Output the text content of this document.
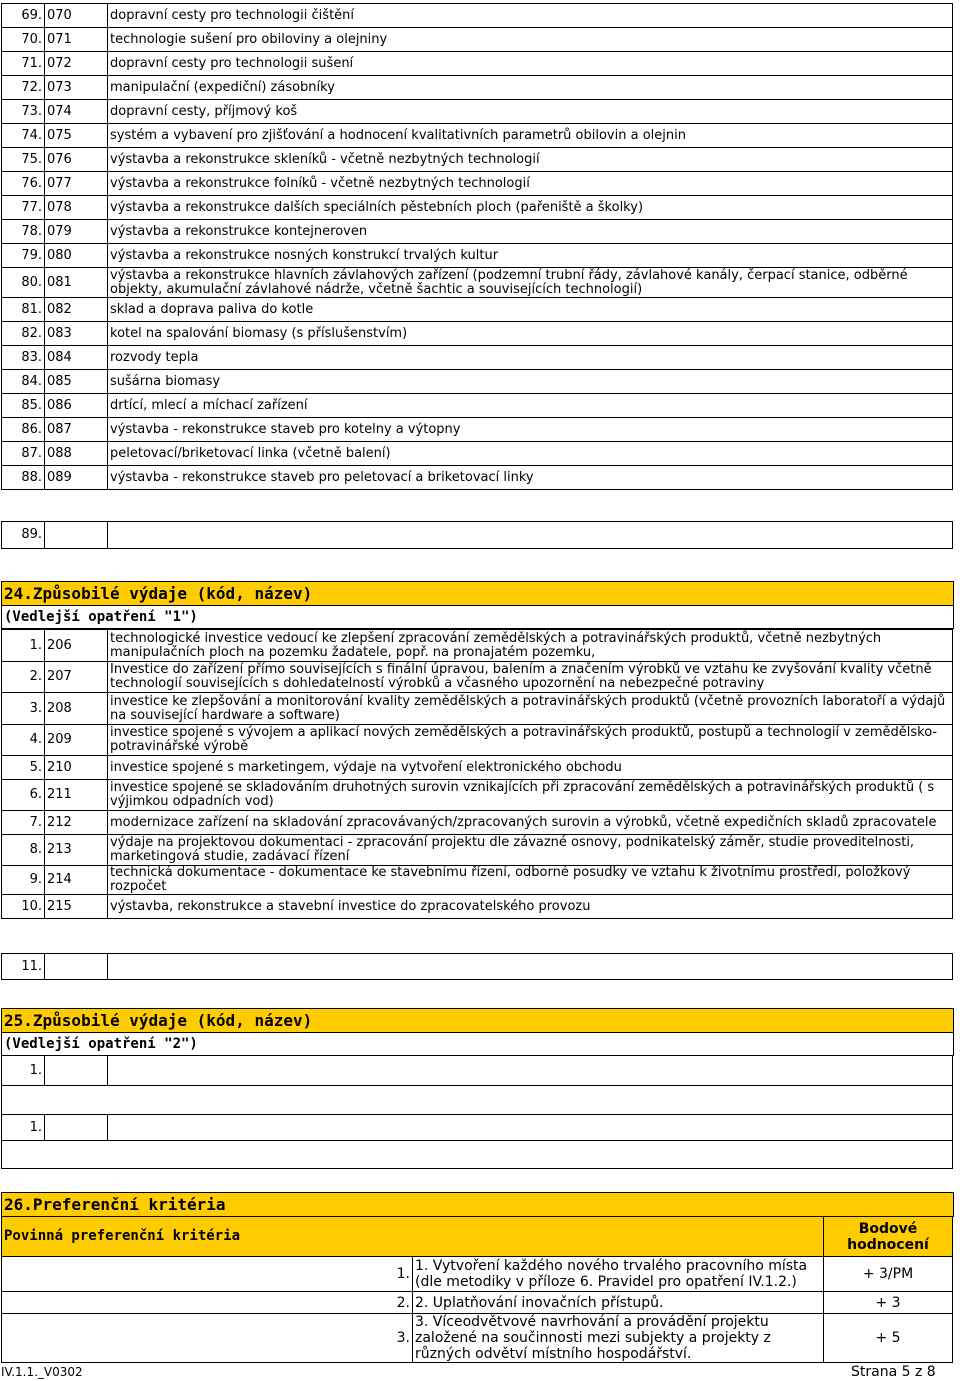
69.	070	dopravní cesty pro technologii čištění
70.	071	technologie sušení pro obiloviny a olejniny
71.	072	dopravní cesty pro technologii sušení
72.	073	manipulační (expediční) zásobníky
73.	074	dopravní cesty, příjmový koš
74.	075	systém a vybavení pro zjišťování a hodnocení kvalitativních parametrů obilovin a olejnin
75.	076	výstavba a rekonstrukce skleníků - včetně nezbytných technologií
76.	077	výstavba a rekonstrukce folníků - včetně nezbytných technologií
77.	078	výstavba a rekonstrukce dalších speciálních pěstebních ploch (pařeniště a školky)
78.	079	výstavba a rekonstrukce kontejneroven
79.	080	výstavba a rekonstrukce nosných konstrukcí trvalých kultur
80.	081	výstavba a rekonstrukce hlavních závlahových zařízení (podzemní trubní řády, závlahové kanály, čerpací stanice, odběrné objekty, akumulační závlahové nádrže, včetně šachtic a souvisejících technologií)
81.	082	sklad a doprava paliva do kotle
82.	083	kotel na spalování biomasy (s příslušenstvím)
83.	084	rozvody tepla
84.	085	sušárna biomasy
85.	086	drtící, mlecí a míchací zařízení
86.	087	výstavba - rekonstrukce staveb pro kotelny a výtopny
87.	088	peletovací/briketovací linka (včetně balení)
88.	089	výstavba - rekonstrukce staveb pro peletovací a briketovací linky
89.		
24.Způsobilé výdaje (kód, název)
(Vedlejší opatření "1")
1.	206	technologické investice vedoucí ke zlepšení zpracování zemědělských a potravinářských produktů, včetně nezbytných manipulačních ploch na pozemku žadatele, popř. na pronajatém pozemku,
2.	207	Investice do zařízení přímo souvisejících s finální úpravou, balením a značením výrobků ve vztahu ke zvyšování kvality včetně technologií souvisejících s dohledatelností výrobků a včasného upozornění na nebezpečné potraviny
3.	208	investice ke zlepšování a monitorování kvality zemědělských a potravinářských produktů (včetně provozních laboratoří a výdajů na související hardware a software)
4.	209	investice spojené s vývojem a aplikací nových zemědělských a potravinářských produktů, postupů a technologií v zemědělsko-potravinářské výrobě
5.	210	investice spojené s marketingem, výdaje na vytvoření elektronického obchodu
6.	211	investice spojené se skladováním druhotných surovin vznikajících při zpracování zemědělských a potravinářských produktů ( s výjimkou odpadních vod)
7.	212	modernizace zařízení na skladování zpracovávaných/zpracovaných surovin a výrobků, včetně expedičních skladů zpracovatele
8.	213	výdaje na projektovou dokumentaci - zpracování projektu dle závazné osnovy, podnikatelský záměr, studie proveditelnosti, marketingová studie, zadávací řízení
9.	214	technická dokumentace - dokumentace ke stavebnímu řízení, odborné posudky ve vztahu k životnímu prostředí, položkový rozpočet
10.	215	výstavba, rekonstrukce a stavební investice do zpracovatelského provozu
11.		
25.Způsobilé výdaje (kód, název)
(Vedlejší opatření "2")
1.		

1.		

26.Preferenční kritéria
Povinná preferenční kritéria		Bodové hodnocení
1.	1. Vytvoření každého nového trvalého pracovního místa (dle metodiky v příloze 6. Pravidel pro opatření IV.1.2.)	+ 3/PM
2.	2. Uplatňování inovačních přístupů.	+ 3
3.	3. Víceodvětvové navrhování a provádění projektu založené na součinnosti mezi subjekty a projekty z různých odvětví místního hospodářství.	+ 5
IV.1.1._V0302	Strana 5 z 8
